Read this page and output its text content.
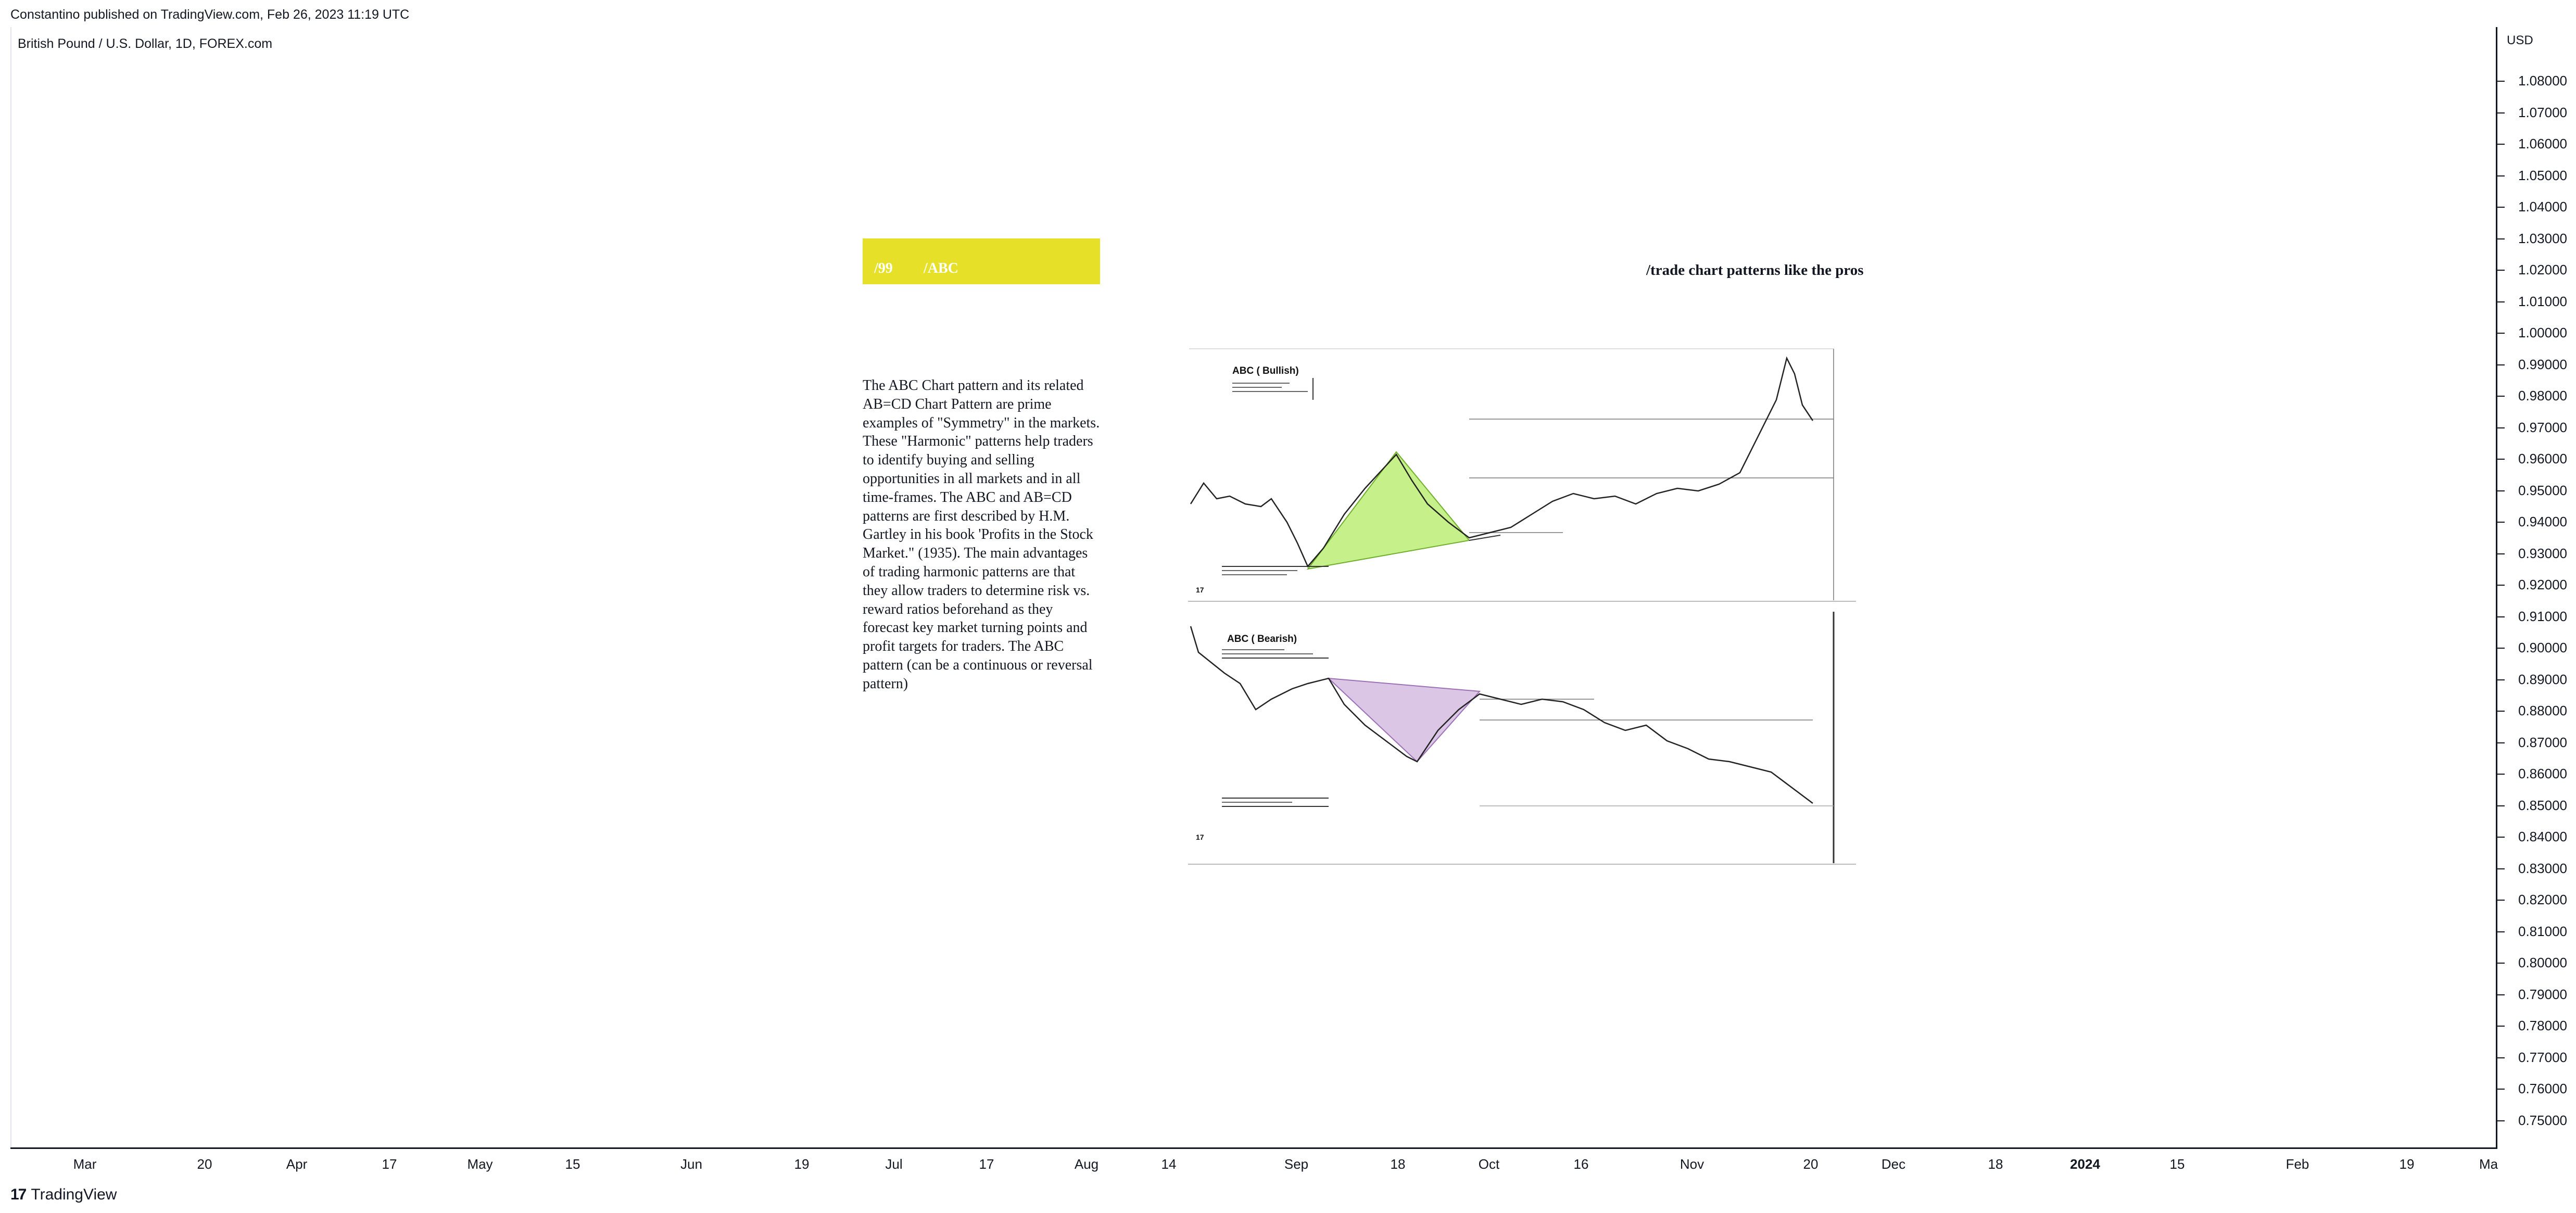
Constantino published on TradingView.com, Feb 26, 2023 11:19 UTC
British Pound / U.S. Dollar, 1D, FOREX.com
1.08000
1.07000
1.06000
1.05000
1.04000
1.03000
1.02000
1.01000
1.00000
0.99000
0.98000
0.97000
0.96000
0.95000
0.94000
0.93000
0.92000
0.91000
0.90000
0.89000
0.88000
0.87000
0.86000
0.85000
0.84000
0.83000
0.82000
0.81000
0.80000
0.79000
0.78000
0.77000
0.76000
0.75000
USD
Mar	20	Apr	17	May	15	Jun	19	Jul	17	Aug	14	Sep	18	Oct	16	Nov	20	Dec	18	2024	15	Feb	19	Ma
/99 /ABC	/trade chart patterns like the pros
The ABC Chart pattern and its related AB=CD Chart Pattern are prime examples of "Symmetry" in the markets. These "Harmonic" patterns help traders to identify buying and selling opportunities in all markets and in all time-frames. The ABC and AB=CD patterns are first described by H.M. Gartley in his book 'Profits in the Stock Market." (1935). The main advantages of trading harmonic patterns are that they allow traders to determine risk vs. reward ratios beforehand as they forecast key market turning points and profit targets for traders. The ABC pattern (can be a continuous or reversal pattern)
ABC ( Bullish)
17
ABC ( Bearish)
17
17 TradingView
